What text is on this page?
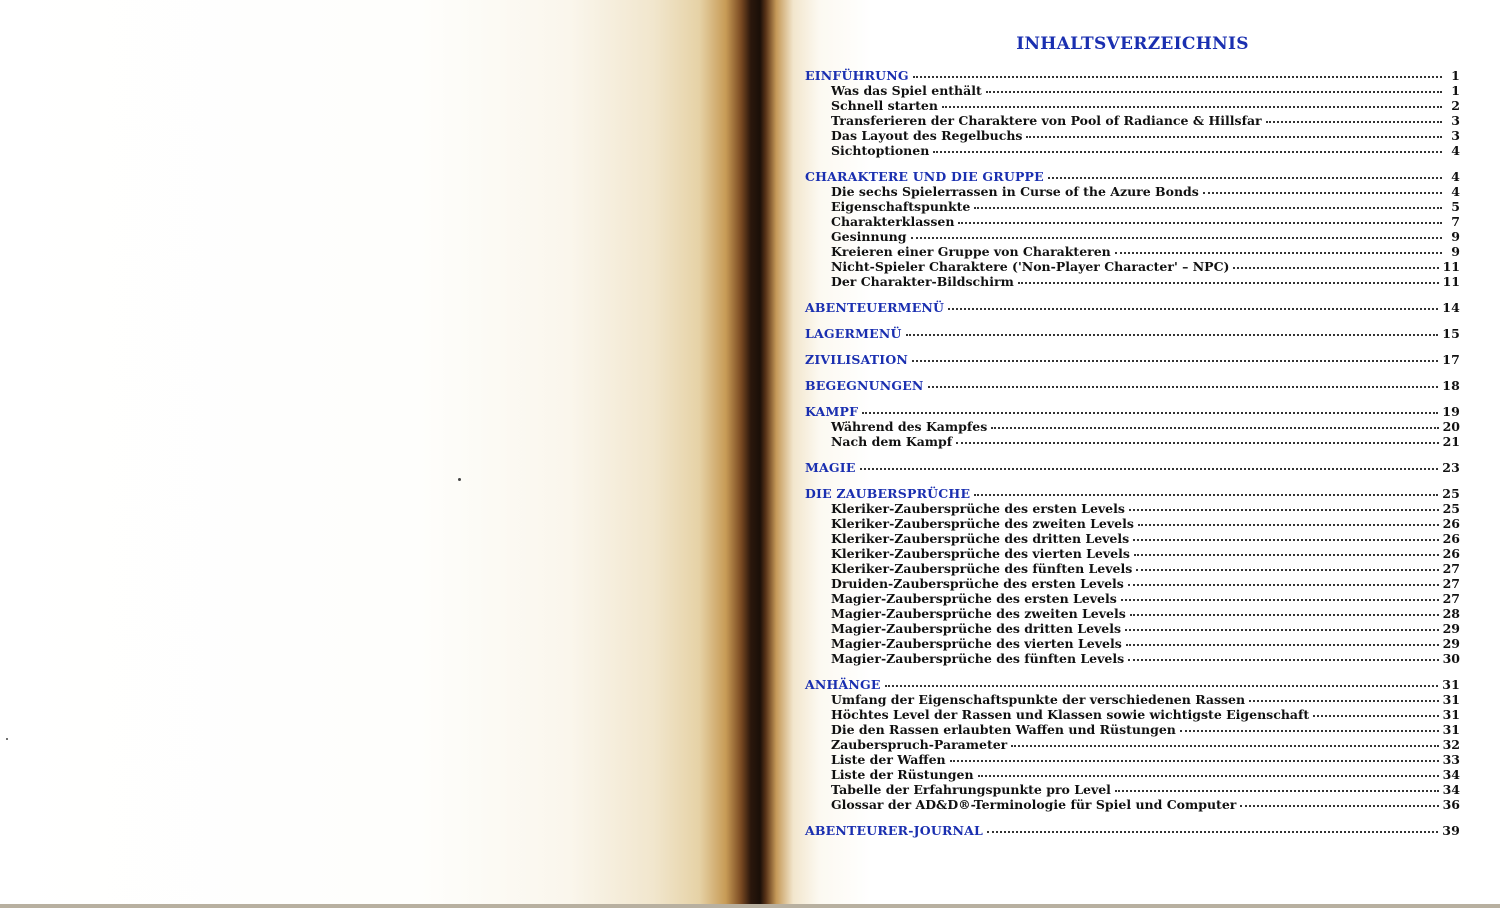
INHALTSVERZEICHNIS
EINFÜHRUNG	1
Was das Spiel enthält	1
Schnell starten	2
Transferieren der Charaktere von Pool of Radiance & Hillsfar	3
Das Layout des Regelbuchs	3
Sichtoptionen	4
CHARAKTERE UND DIE GRUPPE	4
Die sechs Spielerrassen in Curse of the Azure Bonds	4
Eigenschaftspunkte	5
Charakterklassen	7
Gesinnung	9
Kreieren einer Gruppe von Charakteren	9
Nicht-Spieler Charaktere ('Non-Player Character' – NPC)	11
Der Charakter-Bildschirm	11
ABENTEUERMENÜ	14
LAGERMENÜ	15
ZIVILISATION	17
BEGEGNUNGEN	18
KAMPF	19
Während des Kampfes	20
Nach dem Kampf	21
MAGIE	23
DIE ZAUBERSPRÜCHE	25
Kleriker-Zaubersprüche des ersten Levels	25
Kleriker-Zaubersprüche des zweiten Levels	26
Kleriker-Zaubersprüche des dritten Levels	26
Kleriker-Zaubersprüche des vierten Levels	26
Kleriker-Zaubersprüche des fünften Levels	27
Druiden-Zaubersprüche des ersten Levels	27
Magier-Zaubersprüche des ersten Levels	27
Magier-Zaubersprüche des zweiten Levels	28
Magier-Zaubersprüche des dritten Levels	29
Magier-Zaubersprüche des vierten Levels	29
Magier-Zaubersprüche des fünften Levels	30
ANHÄNGE	31
Umfang der Eigenschaftspunkte der verschiedenen Rassen	31
Höchtes Level der Rassen und Klassen sowie wichtigste Eigenschaft	31
Die den Rassen erlaubten Waffen und Rüstungen	31
Zauberspruch-Parameter	32
Liste der Waffen	33
Liste der Rüstungen	34
Tabelle der Erfahrungspunkte pro Level	34
Glossar der AD&D®-Terminologie für Spiel und Computer	36
ABENTEURER-JOURNAL	39
